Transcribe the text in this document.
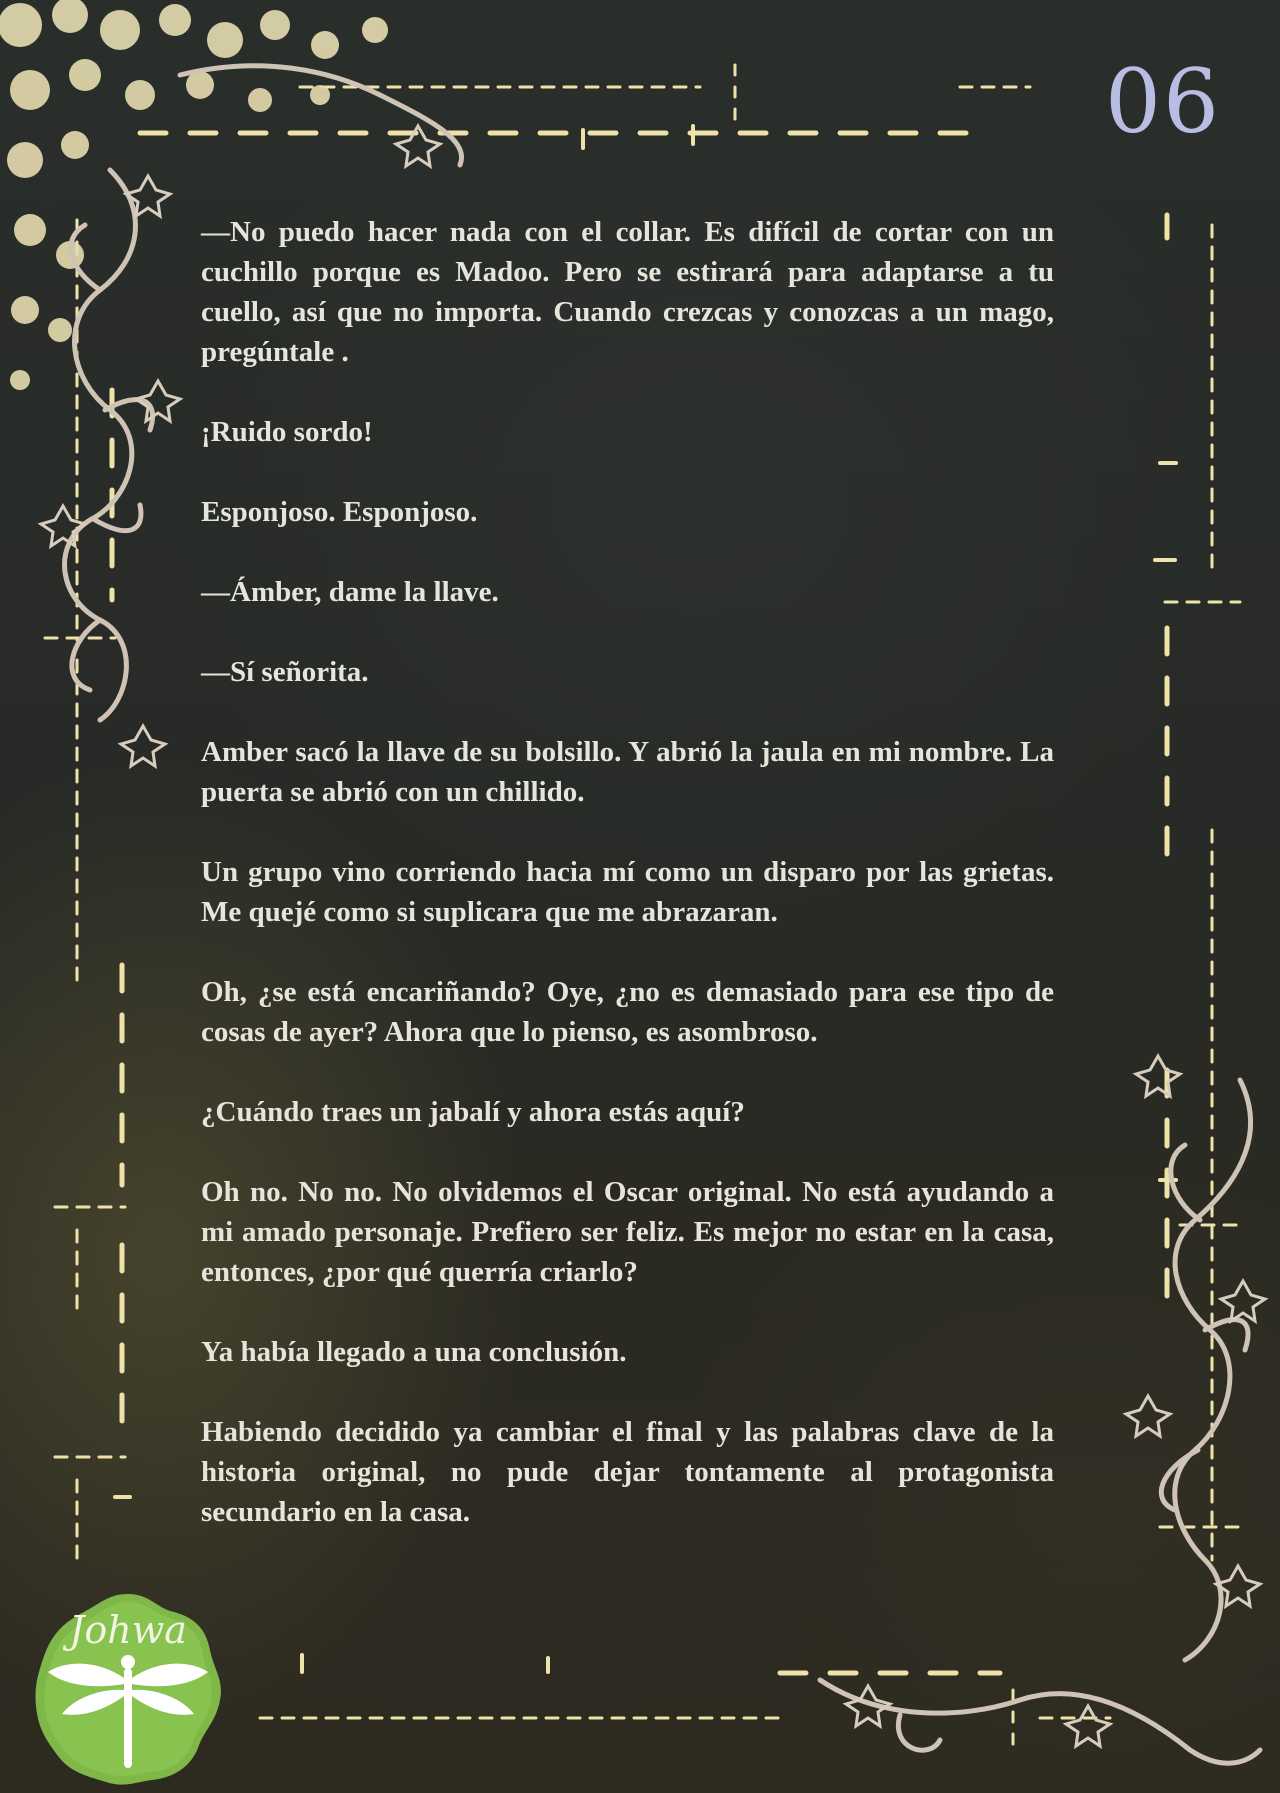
06

—No puedo hacer nada con el collar. Es difícil de cortar con un cuchillo porque es Madoo. Pero se estirará para adaptarse a tu cuello, así que no importa. Cuando crezcas y conozcas a un mago, pregúntale .

¡Ruido sordo!

Esponjoso. Esponjoso.

—Ámber, dame la llave.

—Sí señorita.

Amber sacó la llave de su bolsillo. Y abrió la jaula en mi nombre. La puerta se abrió con un chillido.

Un grupo vino corriendo hacia mí como un disparo por las grietas. Me quejé como si suplicara que me abrazaran.

Oh, ¿se está encariñando? Oye, ¿no es demasiado para ese tipo de cosas de ayer? Ahora que lo pienso, es asombroso.

¿Cuándo traes un jabalí y ahora estás aquí?

Oh no. No no. No olvidemos el Oscar original. No está ayudando a mi amado personaje. Prefiero ser feliz. Es mejor no estar en la casa, entonces, ¿por qué querría criarlo?

Ya había llegado a una conclusión.

Habiendo decidido ya cambiar el final y las palabras clave de la historia original, no pude dejar tontamente al protagonista secundario en la casa.

Johwa
